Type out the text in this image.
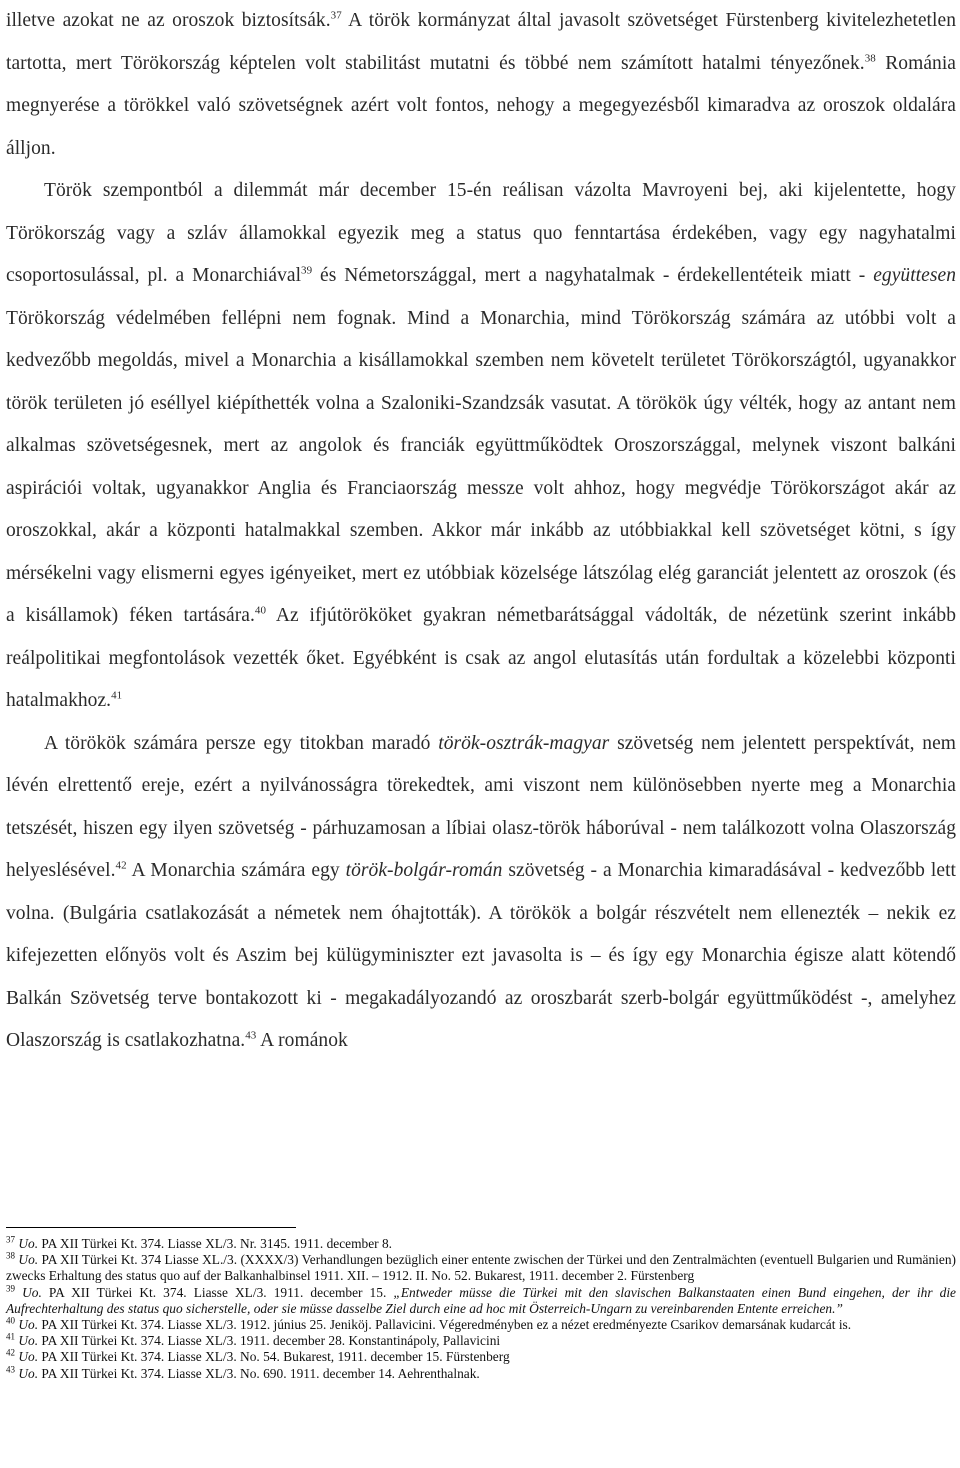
illetve azokat ne az oroszok biztosítsák.$^{37}$ A török kormányzat által javasolt szövetséget Fürstenberg kivitelezhetetlen tartotta, mert Törökország képtelen volt stabilitást mutatni és többé nem számított hatalmi tényezőnek.$^{38}$ Románia megnyerése a törökkel való szövetségnek azért volt fontos, nehogy a megegyezésből kimaradva az oroszok oldalára álljon.

Török szempontból a dilemmát már december 15-én reálisan vázolta Mavroyeni bej, aki kijelentette, hogy Törökország vagy a szláv államokkal egyezik meg a status quo fenntartása érdekében, vagy egy nagyhatalmi csoportosulással, pl. a Monarchiával$^{39}$ és Németországgal, mert a nagyhatalmak - érdekellentéteik miatt - együttesen Törökország védelmében fellépni nem fognak. Mind a Monarchia, mind Törökország számára az utóbbi volt a kedvezőbb megoldás, mivel a Monarchia a kisállamokkal szemben nem követelt területet Törökországtól, ugyanakkor török területen jó eséllyel kiépíthették volna a Szaloniki-Szandzsák vasutat. A törökök úgy vélték, hogy az antant nem alkalmas szövetségesnek, mert az angolok és franciák együttműködtek Oroszországgal, melynek viszont balkáni aspirációi voltak, ugyanakkor Anglia és Franciaország messze volt ahhoz, hogy megvédje Törökországot akár az oroszokkal, akár a központi hatalmakkal szemben. Akkor már inkább az utóbbiakkal kell szövetséget kötni, s így mérsékelni vagy elismerni egyes igényeiket, mert ez utóbbiak közelsége látszólag elég garanciát jelentett az oroszok (és a kisállamok) féken tartására.$^{40}$ Az ifjútörököket gyakran németbarátsággal vádolták, de nézetünk szerint inkább reálpolitikai megfontolások vezették őket. Egyébként is csak az angol elutasítás után fordultak a közelebbi központi hatalmakhoz.$^{41}$

A törökök számára persze egy titokban maradó török-osztrák-magyar szövetség nem jelentett perspektívát, nem lévén elrettentő ereje, ezért a nyilvánosságra törekedtek, ami viszont nem különösebben nyerte meg a Monarchia tetszését, hiszen egy ilyen szövetség - párhuzamosan a líbiai olasz-török háborúval - nem találkozott volna Olaszország helyeslésével.$^{42}$ A Monarchia számára egy török-bolgár-román szövetség - a Monarchia kimaradásával - kedvezőbb lett volna. (Bulgária csatlakozását a németek nem óhajtották). A törökök a bolgár részvételt nem ellenezték – nekik ez kifejezetten előnyös volt és Aszim bej külügyminiszter ezt javasolta is – és így egy Monarchia égisze alatt kötendő Balkán Szövetség terve bontakozott ki - megakadályozandó az oroszbarát szerb-bolgár együttműködést -, amelyhez Olaszország is csatlakozhatna.$^{43}$ A románok

$^{37}$ Uo. PA XII Türkei Kt. 374. Liasse XL/3. Nr. 3145. 1911. december 8.

$^{38}$ Uo. PA XII Türkei Kt. 374 Liasse XL./3. (XXXX/3) Verhandlungen bezüglich einer entente zwischen der Türkei und den Zentralmächten (eventuell Bulgarien und Rumänien) zwecks Erhaltung des status quo auf der Balkanhalbinsel 1911. XII. – 1912. II. No. 52. Bukarest, 1911. december 2. Fürstenberg

$^{39}$ Uo. PA XII Türkei Kt. 374. Liasse XL/3. 1911. december 15. „Entweder müsse die Türkei mit den slavischen Balkanstaaten einen Bund eingehen, der ihr die Aufrechterhaltung des status quo sicherstelle, oder sie müsse dasselbe Ziel durch eine ad hoc mit Österreich-Ungarn zu vereinbarenden Entente erreichen.”

$^{40}$ Uo. PA XII Türkei Kt. 374. Liasse XL/3. 1912. június 25. Jeniköj. Pallavicini. Végeredményben ez a nézet eredményezte Csarikov demarsának kudarcát is.

$^{41}$ Uo. PA XII Türkei Kt. 374. Liasse XL/3. 1911. december 28. Konstantinápoly, Pallavicini

$^{42}$ Uo. PA XII Türkei Kt. 374. Liasse XL/3. No. 54. Bukarest, 1911. december 15. Fürstenberg

$^{43}$ Uo. PA XII Türkei Kt. 374. Liasse XL/3. No. 690. 1911. december 14. Aehrenthalnak.
